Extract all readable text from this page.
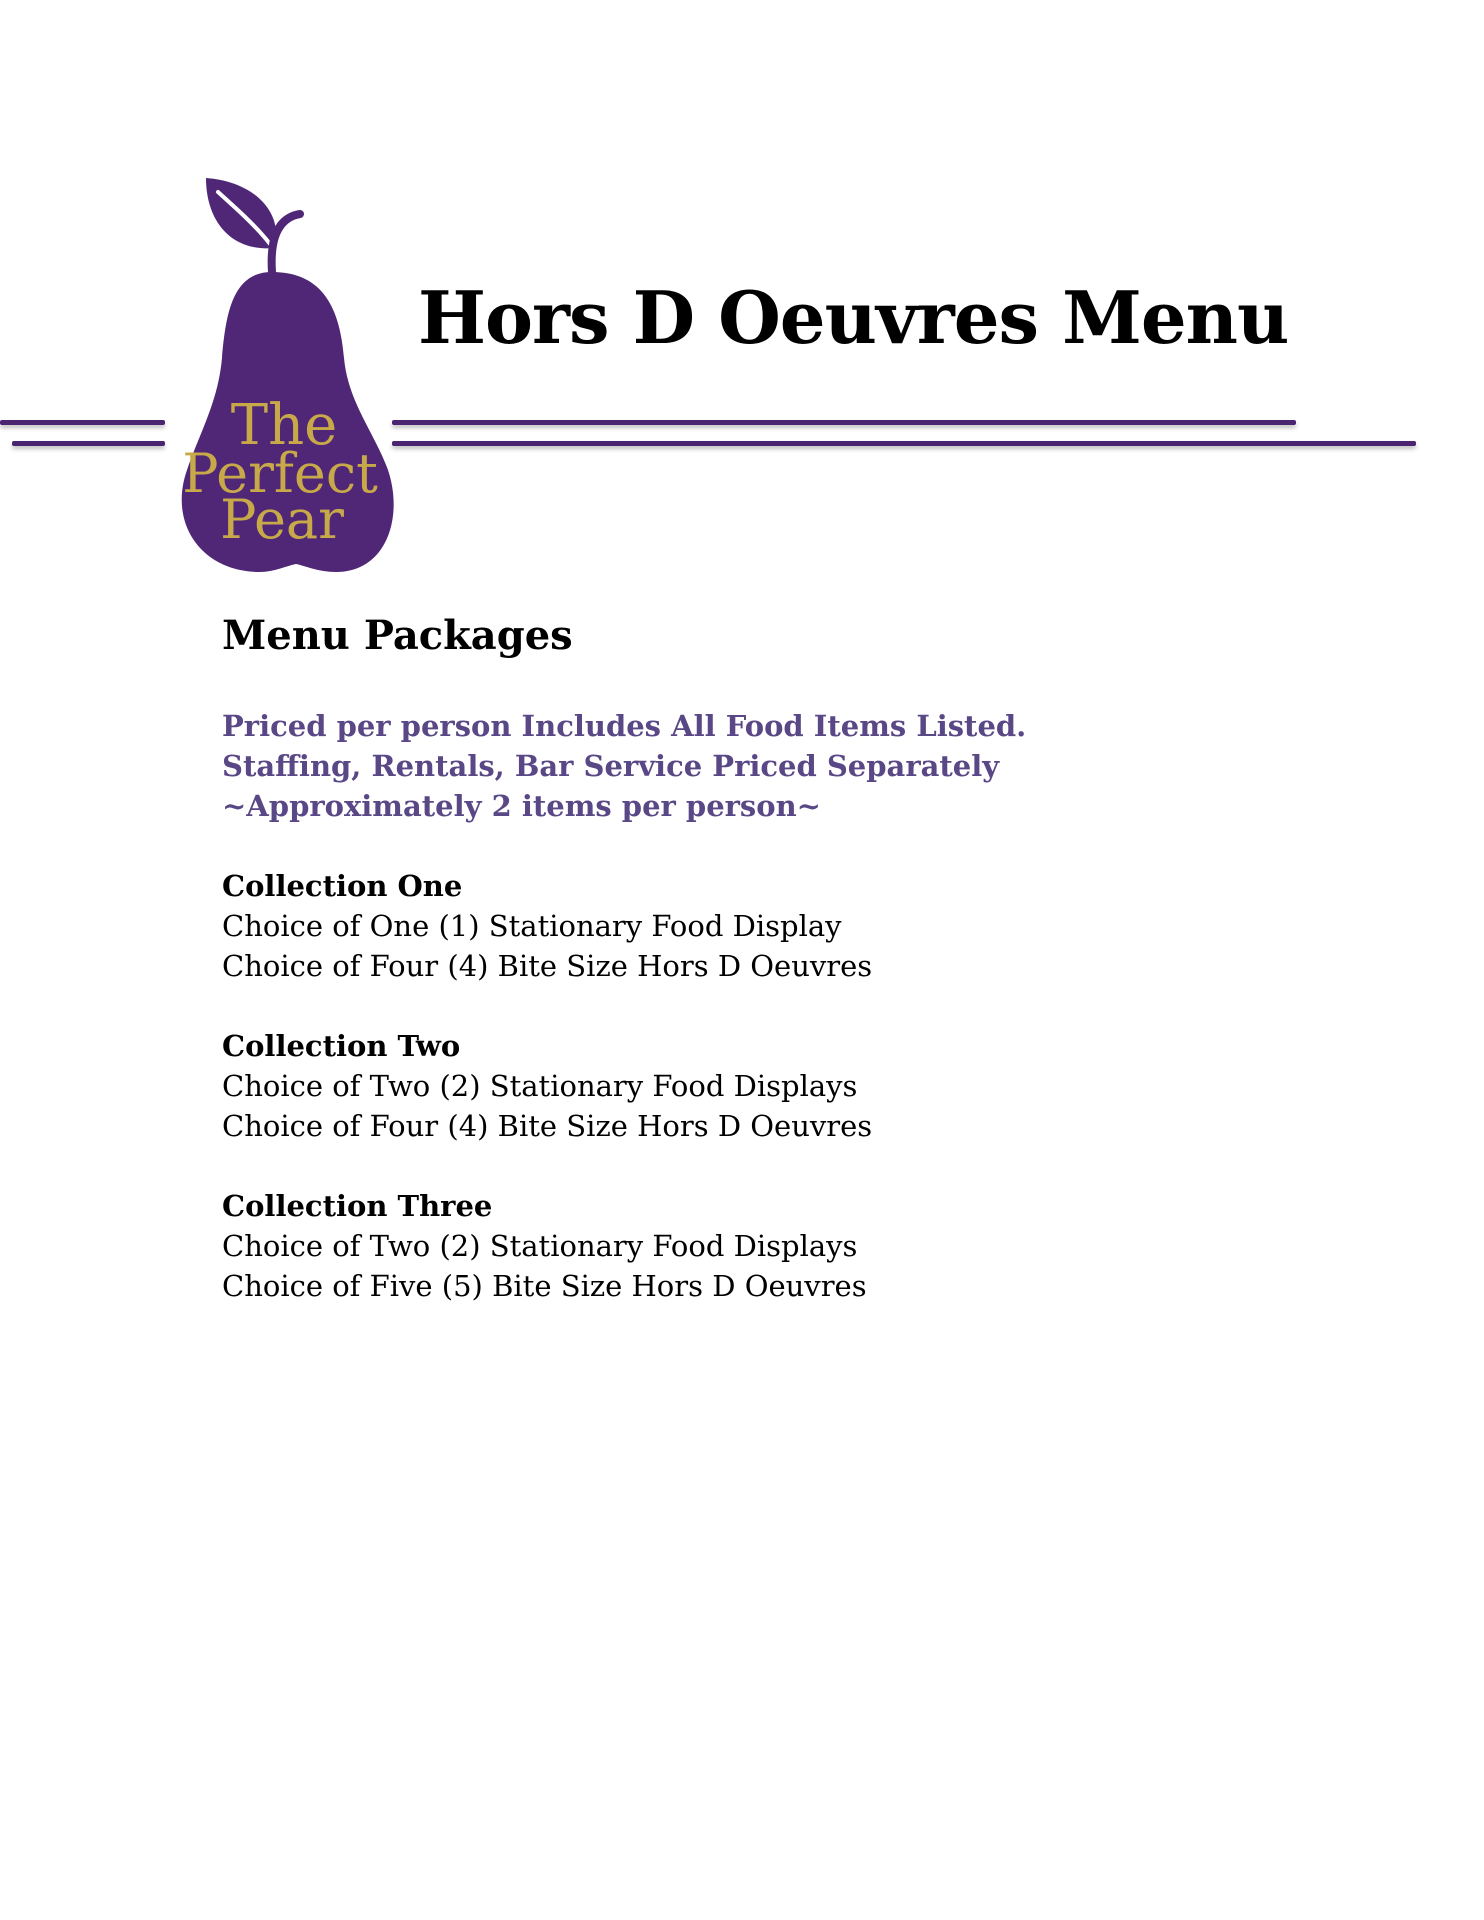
The
Perfect
Pear
Hors D Oeuvres Menu
Menu Packages
Priced per person Includes All Food Items Listed.
Staffing, Rentals, Bar Service Priced Separately
~Approximately 2 items per person~
Collection One
Choice of One (1) Stationary Food Display
Choice of Four (4) Bite Size Hors D Oeuvres
Collection Two
Choice of Two (2) Stationary Food Displays
Choice of Four (4) Bite Size Hors D Oeuvres
Collection Three
Choice of Two (2) Stationary Food Displays
Choice of Five (5) Bite Size Hors D Oeuvres
